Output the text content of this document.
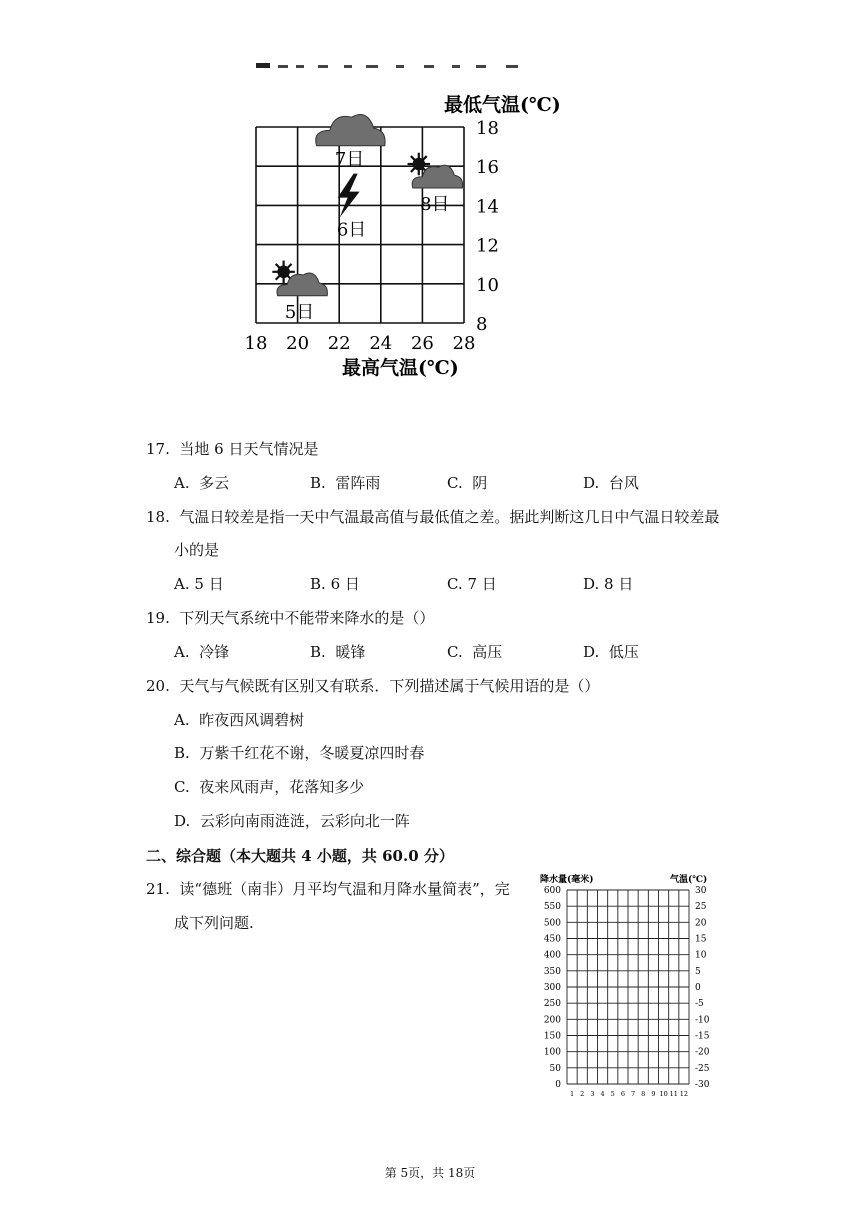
最低气温(℃)
18
16
14
12
10
8
18 20 22 24 26 28
最高气温(℃)
7日
8日
6日
5日
17. 当地 6 日天气情况是
A. 多云	B. 雷阵雨	C. 阴	D. 台风
18. 气温日较差是指一天中气温最高值与最低值之差。据此判断这几日中气温日较差最
小的是
A. 5 日	B. 6 日	C. 7 日	D. 8 日
19. 下列天气系统中不能带来降水的是（）
A. 冷锋	B. 暖锋	C. 高压	D. 低压
20. 天气与气候既有区别又有联系．下列描述属于气候用语的是（）
A. 昨夜西风调碧树
B. 万紫千红花不谢，冬暖夏凉四时春
C. 夜来风雨声，花落知多少
D. 云彩向南雨涟涟，云彩向北一阵
二、综合题（本大题共 4 小题，共 60.0 分）
21. 读“德班（南非）月平均气温和月降水量简表”，完
成下列问题.
降水量(毫米)	气温(℃)
600
550
500
450
400
350
300
250
200
150
100
50
0
30
25
20
15
10
5
0
-5
-10
-15
-20
-25
-30
1 2 3 4 5 6 7 8 9 10 11 12
第 5页，共 18页
